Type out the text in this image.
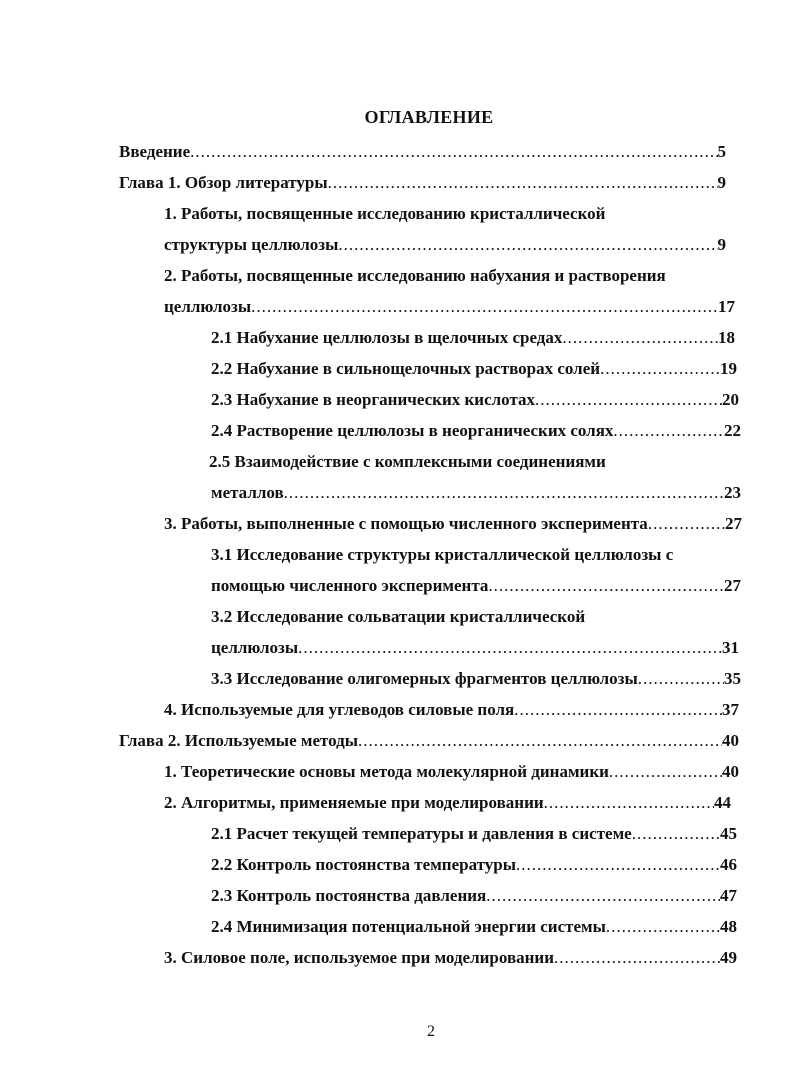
ОГЛАВЛЕНИЕ
Введение .....	5
Глава 1. Обзор литературы .....	9
1. Работы, посвященные исследованию кристаллической
структуры целлюлозы .....	9
2. Работы, посвященные исследованию набухания и растворения
целлюлозы .....	17
2.1 Набухание целлюлозы в щелочных средах .....	18
2.2 Набухание в сильнощелочных растворах солей .....	19
2.3 Набухание в неорганических кислотах .....	20
2.4 Растворение целлюлозы в неорганических солях .....	22
2.5 Взаимодействие с комплексными соединениями
металлов .....	23
3. Работы, выполненные с помощью численного эксперимента .....	27
3.1 Исследование структуры кристаллической целлюлозы с
помощью численного эксперимента .....	27
3.2 Исследование сольватации кристаллической
целлюлозы .....	31
3.3 Исследование олигомерных фрагментов целлюлозы .....	35
4. Используемые для углеводов силовые поля .....	37
Глава 2. Используемые методы .....	40
1. Теоретические основы метода молекулярной динамики .....	40
2. Алгоритмы, применяемые при моделировании .....	44
2.1 Расчет текущей температуры и давления в системе .....	45
2.2 Контроль постоянства температуры .....	46
2.3 Контроль постоянства давления .....	47
2.4 Минимизация потенциальной энергии системы .....	48
3. Силовое поле, используемое при моделировании .....	49
2
